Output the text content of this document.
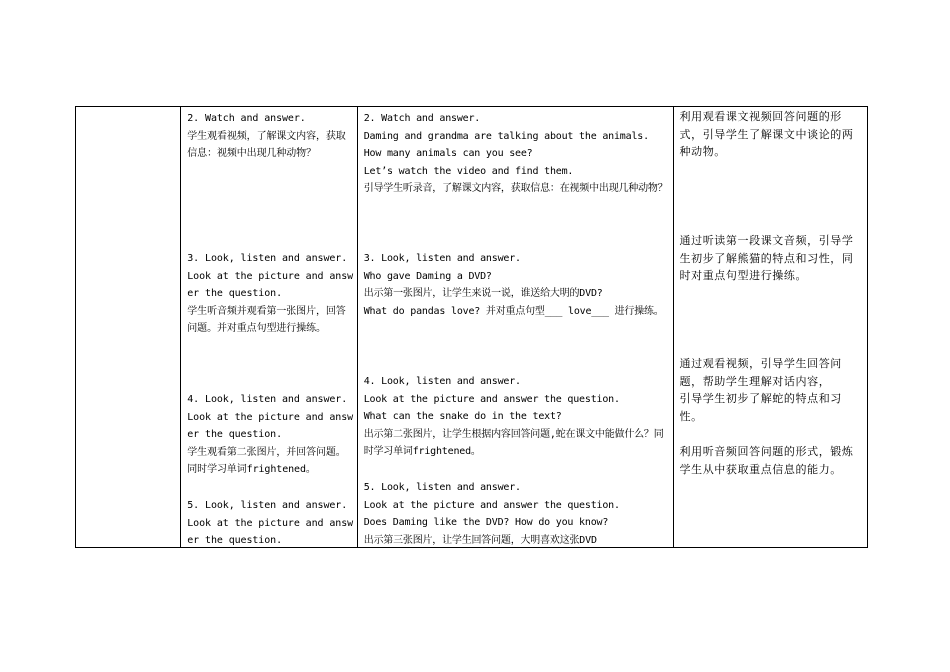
2. Watch and answer.
学生观看视频，了解课文内容，获取信息：视频中出现几种动物？
3. Look, listen and answer.
Look at the picture and answer the question.
学生听音频并观看第一张图片，回答问题。并对重点句型进行操练。
4. Look, listen and answer.
Look at the picture and answer the question.
学生观看第二张图片，并回答问题。同时学习单词frightened。
5. Look, listen and answer.
Look at the picture and answer the question.

2. Watch and answer.
Daming and grandma are talking about the animals.
How many animals can you see?
Let’s watch the video and find them.
引导学生听录音，了解课文内容，获取信息：在视频中出现几种动物？
3. Look, listen and answer.
Who gave Daming a DVD?
出示第一张图片，让学生来说一说，谁送给大明的DVD?
What do pandas love? 并对重点句型___ love___ 进行操练。
4. Look, listen and answer.
Look at the picture and answer the question.
What can the snake do in the text?
出示第二张图片，让学生根据内容回答问题,蛇在课文中能做什么？同时学习单词frightened。
5. Look, listen and answer.
Look at the picture and answer the question.
Does Daming like the DVD? How do you know?
出示第三张图片，让学生回答问题，大明喜欢这张DVD

利用观看课文视频回答问题的形式，引导学生了解课文中谈论的两种动物。
通过听读第一段课文音频，引导学生初步了解熊猫的特点和习性，同时对重点句型进行操练。
通过观看视频，引导学生回答问题，帮助学生理解对话内容，
引导学生初步了解蛇的特点和习性。
利用听音频回答问题的形式，锻炼学生从中获取重点信息的能力。
